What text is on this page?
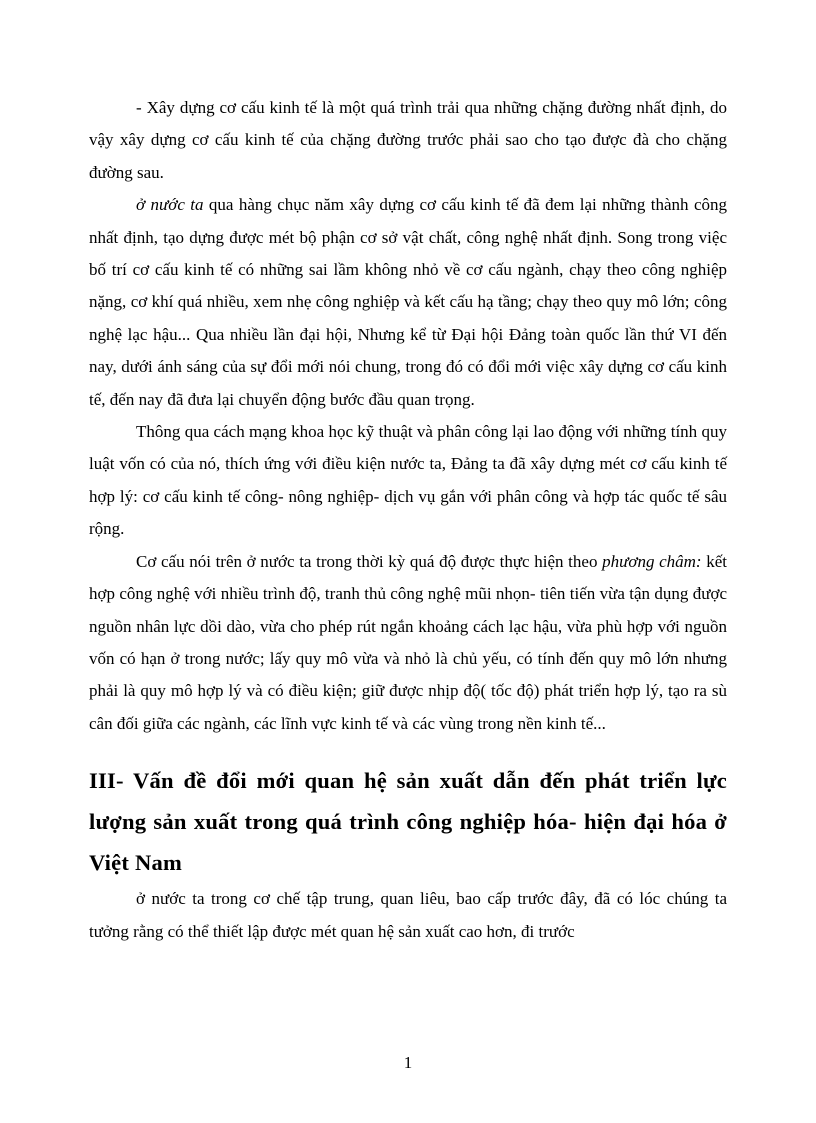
- Xây dựng cơ cấu kinh tế là một quá trình trải qua những chặng đường nhất định, do vậy xây dựng cơ cấu kinh tế của chặng đường trước phải sao cho tạo được đà cho chặng đường sau.

ở nước ta qua hàng chục năm xây dựng cơ cấu kinh tế đã đem lại những thành công nhất định, tạo dựng được mét bộ phận cơ sở vật chất, công nghệ nhất định. Song trong việc bố trí cơ cấu kinh tế có những sai lầm không nhỏ về cơ cấu ngành, chạy theo công nghiệp nặng, cơ khí quá nhiều, xem nhẹ công nghiệp và kết cấu hạ tầng; chạy theo quy mô lớn; công nghệ lạc hậu... Qua nhiều lần đại hội, Nhưng kể từ Đại hội Đảng toàn quốc lần thứ VI đến nay, dưới ánh sáng của sự đổi mới nói chung, trong đó có đổi mới việc xây dựng cơ cấu kinh tế, đến nay đã đưa lại chuyển động bước đầu quan trọng.

Thông qua cách mạng khoa học kỹ thuật và phân công lại lao động với những tính quy luật vốn có của nó, thích ứng với điều kiện nước ta, Đảng ta đã xây dựng mét cơ cấu kinh tế hợp lý: cơ cấu kinh tế công- nông nghiệp- dịch vụ gắn với phân công và hợp tác quốc tế sâu rộng.

Cơ cấu nói trên ở nước ta trong thời kỳ quá độ được thực hiện theo phương châm: kết hợp công nghệ với nhiều trình độ, tranh thủ công nghệ mũi nhọn- tiên tiến vừa tận dụng được nguồn nhân lực dồi dào, vừa cho phép rút ngắn khoảng cách lạc hậu, vừa phù hợp với nguồn vốn có hạn ở trong nước; lấy quy mô vừa và nhỏ là chủ yếu, có tính đến quy mô lớn nhưng phải là quy mô hợp lý và có điều kiện; giữ được nhịp độ( tốc độ) phát triển hợp lý, tạo ra sù cân đối giữa các ngành, các lĩnh vực kinh tế và các vùng trong nền kinh tế...

III- Vấn đề đổi mới quan hệ sản xuất dẫn đến phát triển lực lượng sản xuất trong quá trình công nghiệp hóa- hiện đại hóa ở Việt Nam

ở nước ta trong cơ chế tập trung, quan liêu, bao cấp trước đây, đã có lóc chúng ta tưởng rằng có thể thiết lập được mét quan hệ sản xuất cao hơn, đi trước

1
